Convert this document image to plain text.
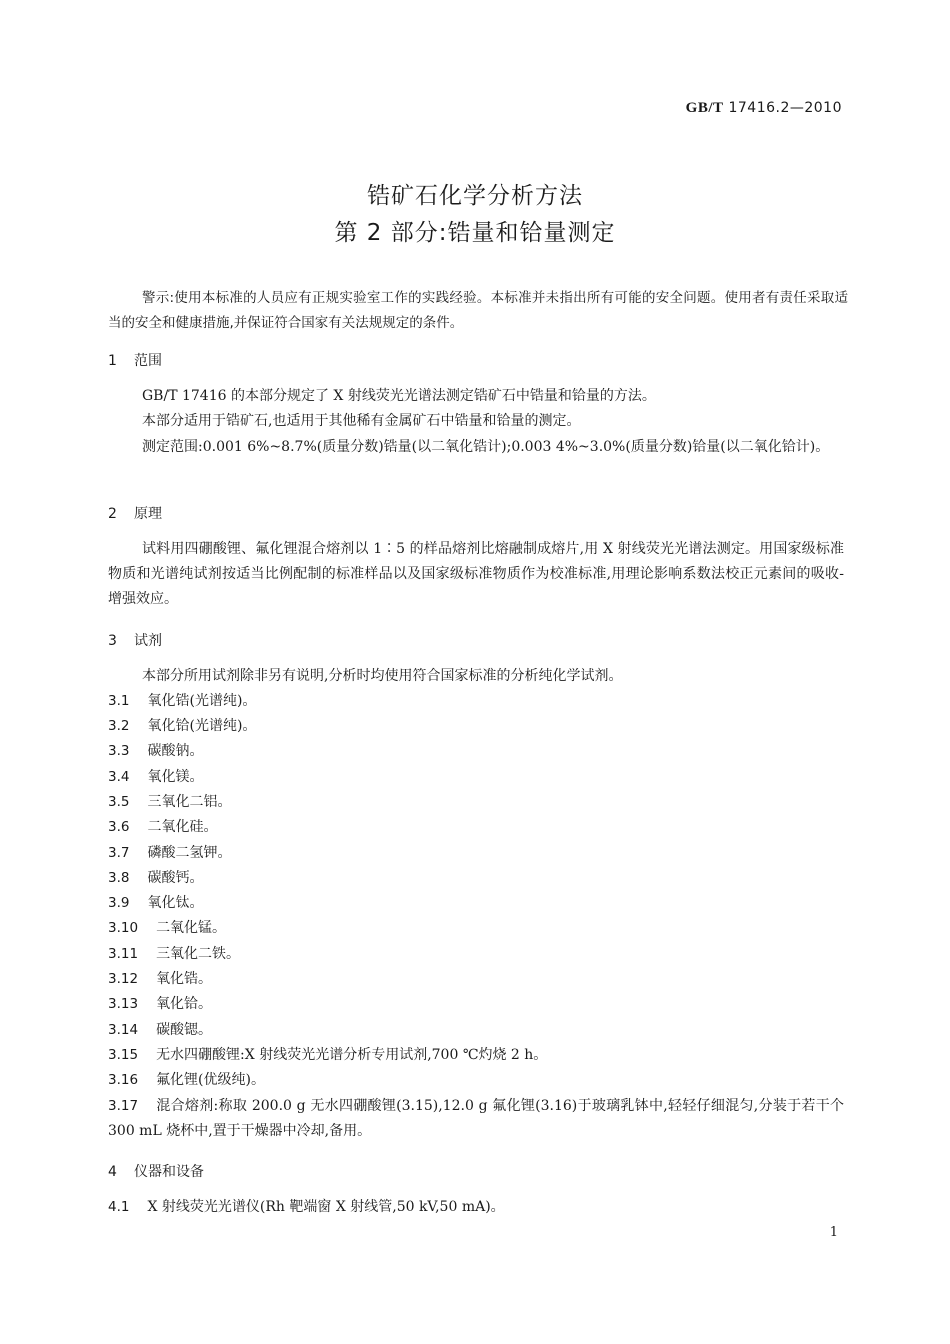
GB/T 17416.2—2010
锆矿石化学分析方法
第 2 部分:锆量和铪量测定
警示:使用本标准的人员应有正规实验室工作的实践经验。本标准并未指出所有可能的安全问题。使用者有责任采取适当的安全和健康措施,并保证符合国家有关法规规定的条件。
1 范围
GB/T 17416 的本部分规定了 X 射线荧光光谱法测定锆矿石中锆量和铪量的方法。
本部分适用于锆矿石,也适用于其他稀有金属矿石中锆量和铪量的测定。
测定范围:0.001 6%~8.7%(质量分数)锆量(以二氧化锆计);0.003 4%~3.0%(质量分数)铪量(以二氧化铪计)。
2 原理
试料用四硼酸锂、氟化锂混合熔剂以 1∶5 的样品熔剂比熔融制成熔片,用 X 射线荧光光谱法测定。用国家级标准物质和光谱纯试剂按适当比例配制的标准样品以及国家级标准物质作为校准标准,用理论影响系数法校正元素间的吸收-增强效应。
3 试剂
本部分所用试剂除非另有说明,分析时均使用符合国家标准的分析纯化学试剂。
3.1 氧化锆(光谱纯)。
3.2 氧化铪(光谱纯)。
3.3 碳酸钠。
3.4 氧化镁。
3.5 三氧化二铝。
3.6 二氧化硅。
3.7 磷酸二氢钾。
3.8 碳酸钙。
3.9 氧化钛。
3.10 二氧化锰。
3.11 三氧化二铁。
3.12 氧化锆。
3.13 氧化铪。
3.14 碳酸锶。
3.15 无水四硼酸锂:X 射线荧光光谱分析专用试剂,700 ℃灼烧 2 h。
3.16 氟化锂(优级纯)。
3.17 混合熔剂:称取 200.0 g 无水四硼酸锂(3.15),12.0 g 氟化锂(3.16)于玻璃乳钵中,轻轻仔细混匀,分装于若干个 300 mL 烧杯中,置于干燥器中冷却,备用。
4 仪器和设备
4.1 X 射线荧光光谱仪(Rh 靶端窗 X 射线管,50 kV,50 mA)。
1
